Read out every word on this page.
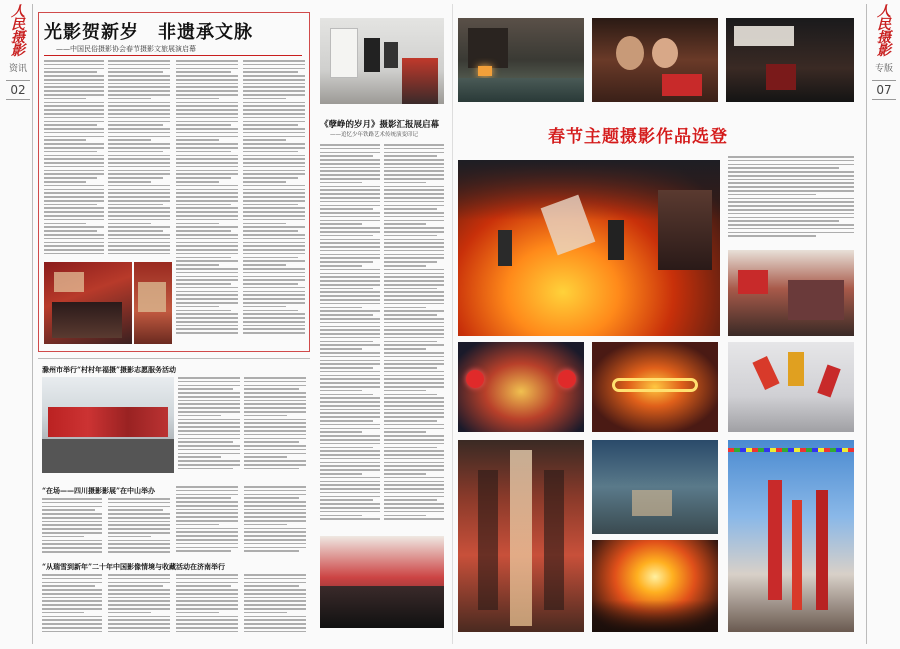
人民摄影
资讯
02
人民摄影
专版
07
光影贺新岁　非遗承文脉
——中国民俗摄影协会春节摄影文旅展演启幕
《孽峥的岁月》摄影汇报展启幕
——追忆少年铁路艺术传统演变印记
滁州市举行“村村年福摄”摄影志愿服务活动
“在场——四川摄影影展”在中山举办
“从瑞雪到新年”二十年中国影像情境与收藏活动在济南举行
春节主题摄影作品选登
